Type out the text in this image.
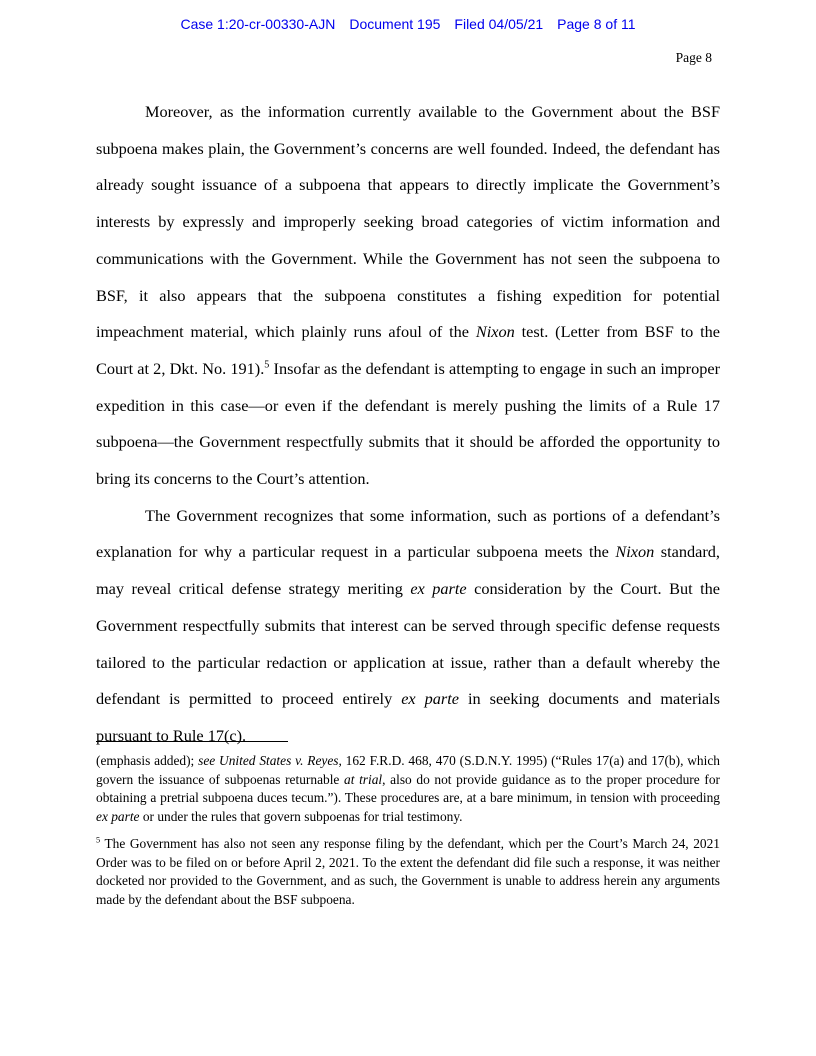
Case 1:20-cr-00330-AJN Document 195 Filed 04/05/21 Page 8 of 11
Page 8

Moreover, as the information currently available to the Government about the BSF subpoena makes plain, the Government’s concerns are well founded. Indeed, the defendant has already sought issuance of a subpoena that appears to directly implicate the Government’s interests by expressly and improperly seeking broad categories of victim information and communications with the Government. While the Government has not seen the subpoena to BSF, it also appears that the subpoena constitutes a fishing expedition for potential impeachment material, which plainly runs afoul of the Nixon test. (Letter from BSF to the Court at 2, Dkt. No. 191).$^5$ Insofar as the defendant is attempting to engage in such an improper expedition in this case—or even if the defendant is merely pushing the limits of a Rule 17 subpoena—the Government respectfully submits that it should be afforded the opportunity to bring its concerns to the Court’s attention.

The Government recognizes that some information, such as portions of a defendant’s explanation for why a particular request in a particular subpoena meets the Nixon standard, may reveal critical defense strategy meriting ex parte consideration by the Court. But the Government respectfully submits that interest can be served through specific defense requests tailored to the particular redaction or application at issue, rather than a default whereby the defendant is permitted to proceed entirely ex parte in seeking documents and materials pursuant to Rule 17(c).

(emphasis added); see United States v. Reyes, 162 F.R.D. 468, 470 (S.D.N.Y. 1995) (“Rules 17(a) and 17(b), which govern the issuance of subpoenas returnable at trial, also do not provide guidance as to the proper procedure for obtaining a pretrial subpoena duces tecum.”). These procedures are, at a bare minimum, in tension with proceeding ex parte or under the rules that govern subpoenas for trial testimony.

$^5$ The Government has also not seen any response filing by the defendant, which per the Court’s March 24, 2021 Order was to be filed on or before April 2, 2021. To the extent the defendant did file such a response, it was neither docketed nor provided to the Government, and as such, the Government is unable to address herein any arguments made by the defendant about the BSF subpoena.
